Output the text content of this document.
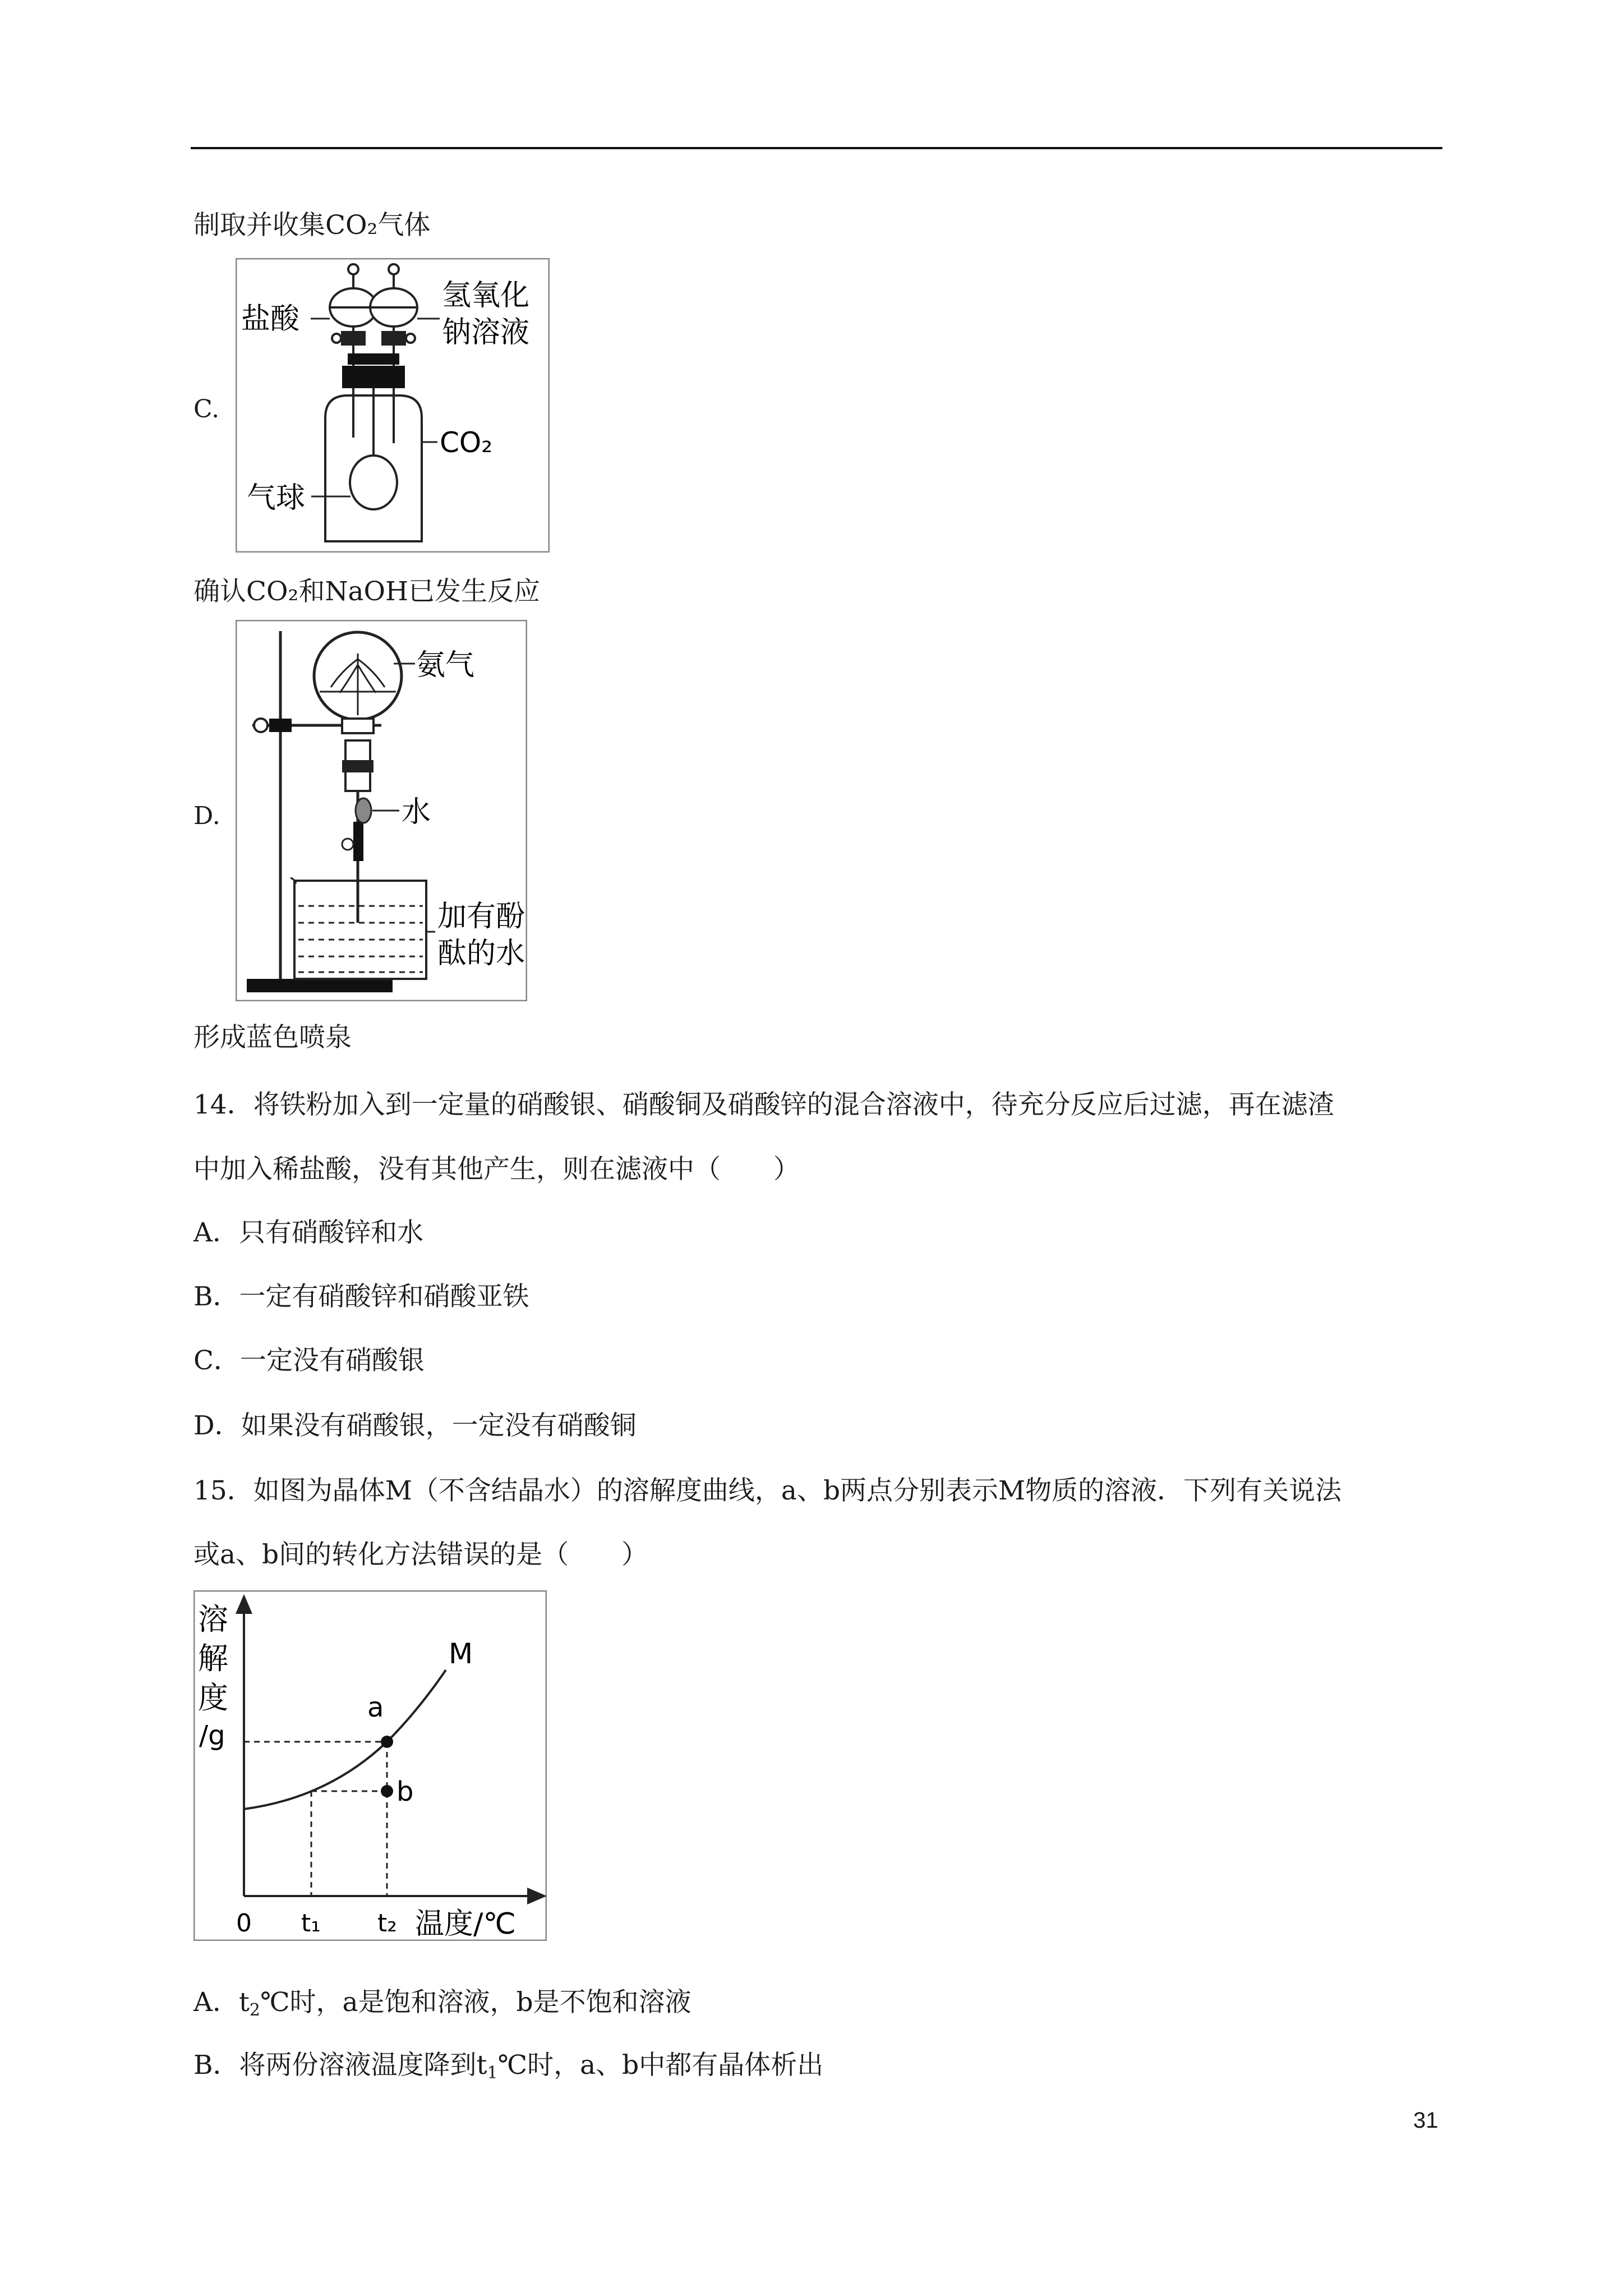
制取并收集CO₂气体
C.
盐酸
氢氧化
钠溶液
CO₂
气球
确认CO₂和NaOH已发生反应
D.
氨气
水
加有酚
酞的水
形成蓝色喷泉
14．将铁粉加入到一定量的硝酸银、硝酸铜及硝酸锌的混合溶液中，待充分反应后过滤，再在滤渣
中加入稀盐酸，没有其他产生，则在滤液中（　　）
A．只有硝酸锌和水
B．一定有硝酸锌和硝酸亚铁
C．一定没有硝酸银
D．如果没有硝酸银，一定没有硝酸铜
15．如图为晶体M（不含结晶水）的溶解度曲线，a、b两点分别表示M物质的溶液．下列有关说法
或a、b间的转化方法错误的是（　　）
溶
解
度
/g
M
a
b
0 t₁ t₂ 温度/℃
A．$t_2℃$时，a是饱和溶液，b是不饱和溶液
B．将两份溶液温度降到$t_1℃$时，a、b中都有晶体析出
31
